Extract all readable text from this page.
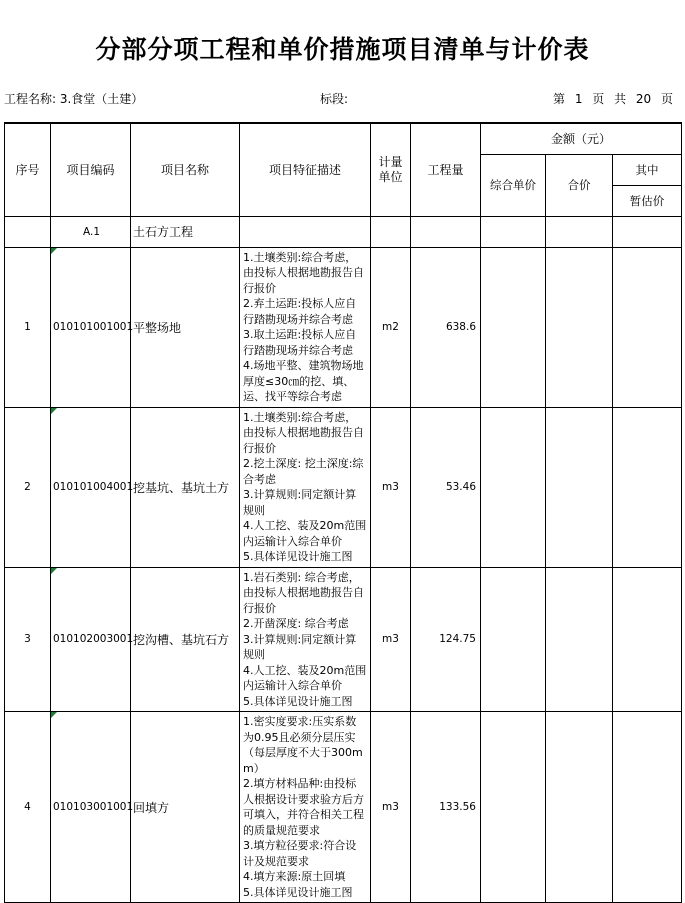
分部分项工程和单价措施项目清单与计价表
工程名称: 3.食堂（土建）	标段:	第 1 页 共 20 页
序号	项目编码	项目名称	项目特征描述	计量单位	工程量	金额（元）		
						综合单价	合价	其中
								暂估价
	A.1	土石方工程						
1	010101001001	平整场地	1.土壤类别:综合考虑，由投标人根据地勘报告自行报价
2.弃土运距:投标人应自行踏勘现场并综合考虑
3.取土运距:投标人应自行踏勘现场并综合考虑
4.场地平整、建筑物场地厚度≤30㎝的挖、填、运、找平等综合考虑	m2	638.6			
2	010101004001	挖基坑、基坑土方	1.土壤类别:综合考虑，由投标人根据地勘报告自行报价
2.挖土深度: 挖土深度:综合考虑
3.计算规则:同定额计算规则
4.人工挖、装及20m范围内运输计入综合单价
5.具体详见设计施工图	m3	53.46			
3	010102003001	挖沟槽、基坑石方	1.岩石类别: 综合考虑，由投标人根据地勘报告自行报价
2.开凿深度: 综合考虑
3.计算规则:同定额计算规则
4.人工挖、装及20m范围内运输计入综合单价
5.具体详见设计施工图	m3	124.75			
4	010103001001	回填方	1.密实度要求:压实系数为0.95且必须分层压实（每层厚度不大于300mm）
2.填方材料品种:由投标人根据设计要求验方后方可填入，并符合相关工程的质量规范要求
3.填方粒径要求:符合设计及规范要求
4.填方来源:原土回填
5.具体详见设计施工图	m3	133.56			
